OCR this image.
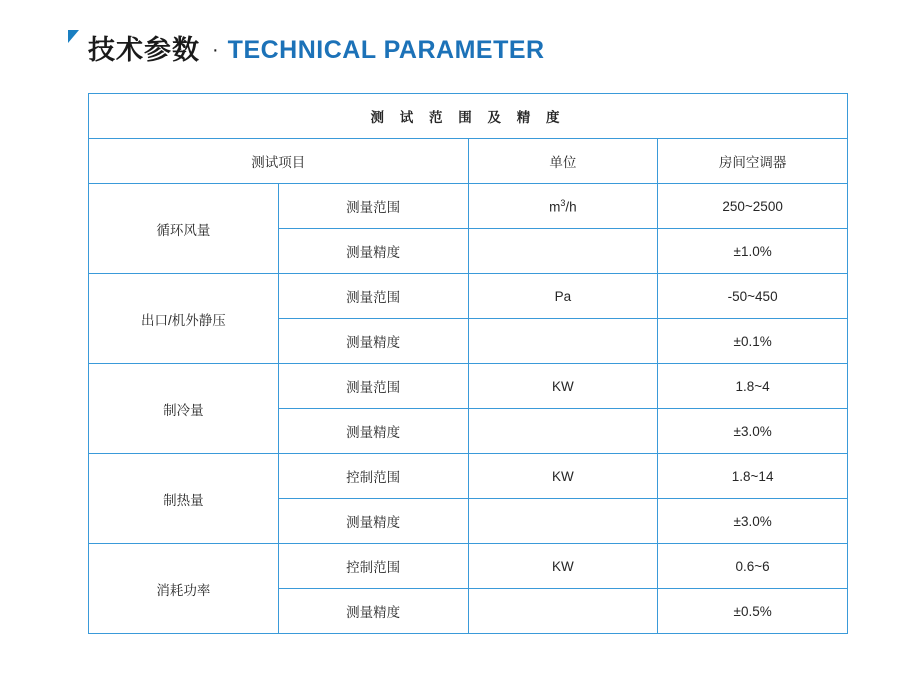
技术参数 · TECHNICAL PARAMETER
测 试 范 围 及 精 度			
测试项目		单位	房间空调器
循环风量	测量范围	$m^3/h$	250~2500
	测量精度		±1.0%
出口/机外静压	测量范围	Pa	-50~450
	测量精度		±0.1%
制冷量	测量范围	KW	1.8~4
	测量精度		±3.0%
制热量	控制范围	KW	1.8~14
	测量精度		±3.0%
消耗功率	控制范围	KW	0.6~6
	测量精度		±0.5%
